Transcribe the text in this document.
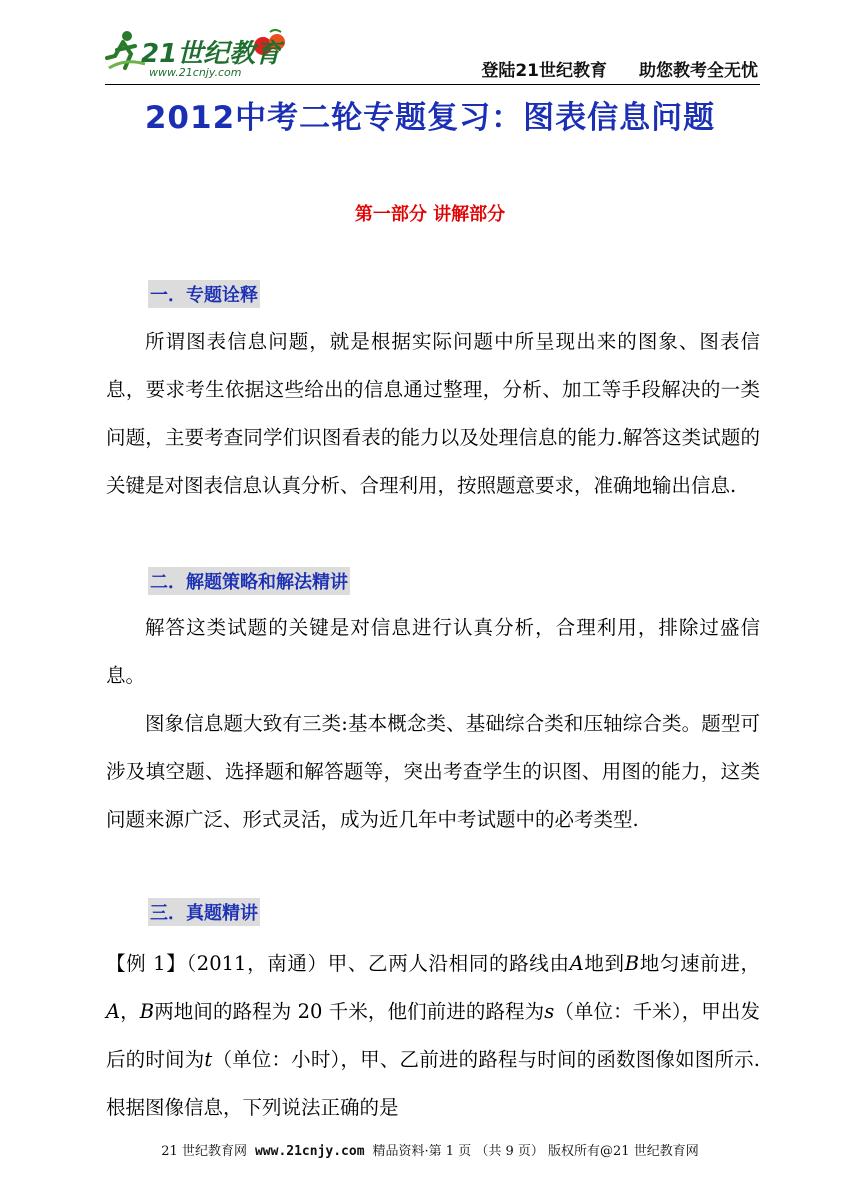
21世纪教育
www.21cnjy.com	登陆21世纪教育 助您教考全无忧
2012中考二轮专题复习：图表信息问题
第一部分 讲解部分
一．专题诠释

所谓图表信息问题，就是根据实际问题中所呈现出来的图象、图表信息，要求考生依据这些给出的信息通过整理，分析、加工等手段解决的一类问题，主要考查同学们识图看表的能力以及处理信息的能力.解答这类试题的关键是对图表信息认真分析、合理利用，按照题意要求，准确地输出信息.

二．解题策略和解法精讲

解答这类试题的关键是对信息进行认真分析，合理利用，排除过盛信息。

图象信息题大致有三类:基本概念类、基础综合类和压轴综合类。题型可涉及填空题、选择题和解答题等，突出考查学生的识图、用图的能力，这类问题来源广泛、形式灵活，成为近几年中考试题中的必考类型.

三．真题精讲

【例 1】（2011，南通）甲、乙两人沿相同的路线由A地到B地匀速前进，A，B两地间的路程为 20 千米，他们前进的路程为s（单位：千米），甲出发后的时间为t（单位：小时），甲、乙前进的路程与时间的函数图像如图所示. 根据图像信息，下列说法正确的是

21 世纪教育网 www.21cnjy.com 精品资料·第 1 页 （共 9 页） 版权所有@21 世纪教育网
